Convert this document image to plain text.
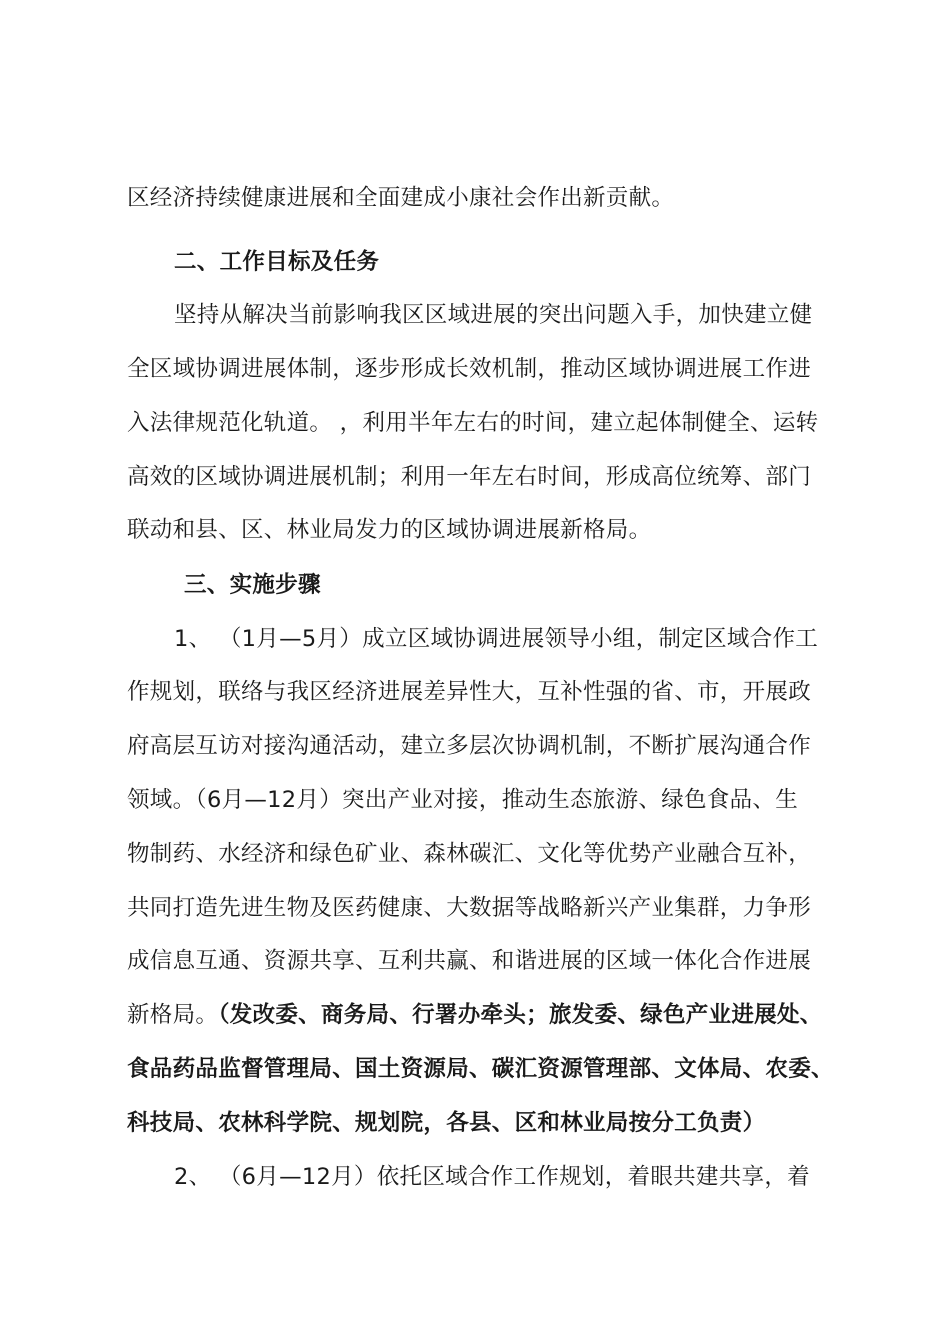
区经济持续健康进展和全面建成小康社会作出新贡献。
二、工作目标及任务
坚持从解决当前影响我区区域进展的突出问题入手，加快建立健
全区域协调进展体制，逐步形成长效机制，推动区域协调进展工作进
入法律规范化轨道。 ，利用半年左右的时间，建立起体制健全、运转
高效的区域协调进展机制；利用一年左右时间，形成高位统筹、部门
联动和县、区、林业局发力的区域协调进展新格局。
三、实施步骤
1、 （1月—5月）成立区域协调进展领导小组，制定区域合作工
作规划，联络与我区经济进展差异性大，互补性强的省、市，开展政
府高层互访对接沟通活动，建立多层次协调机制，不断扩展沟通合作
领域。（6月—12月）突出产业对接，推动生态旅游、绿色食品、生
物制药、水经济和绿色矿业、森林碳汇、文化等优势产业融合互补，
共同打造先进生物及医药健康、大数据等战略新兴产业集群，力争形
成信息互通、资源共享、互利共赢、和谐进展的区域一体化合作进展
新格局。（发改委、商务局、行署办牵头；旅发委、绿色产业进展处、
食品药品监督管理局、国土资源局、碳汇资源管理部、文体局、农委、
科技局、农林科学院、规划院，各县、区和林业局按分工负责）
2、 （6月—12月）依托区域合作工作规划，着眼共建共享，着
